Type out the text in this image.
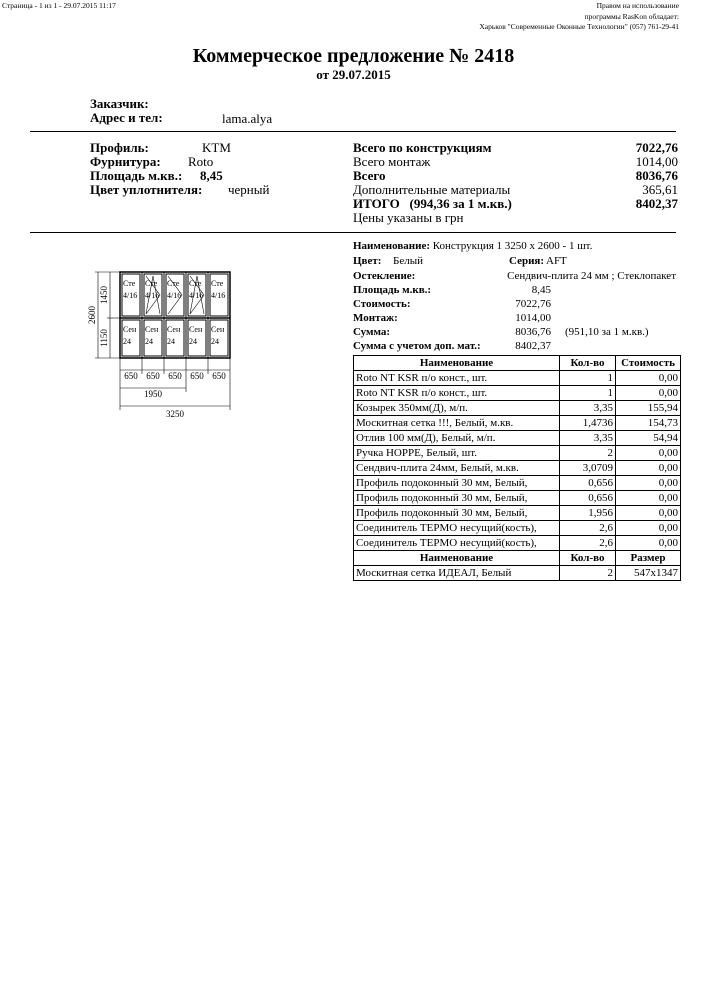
Страница - 1 из 1 - 29.07.2015 11:17	Правом на использование
программы RasKon обладает:
Харьков "Современные Оконные Технологии" (057) 761-29-41
Коммерческое предложение № 2418
от 29.07.2015
Заказчик:
Адрес и тел:	lama.alya
Профиль:	KTM
Фурнитура: Roto
Площадь м.кв.: 8,45
Цвет уплотнителя: черный
Всего по конструкциям	7022,76
Всего монтаж	1014,00
Всего	8036,76
Дополнительные материалы	365,61
ИТОГО (994,36 за 1 м.кв.)	8402,37
Цены указаны в грн
Сте
4/16
Сте
4/16
Сте
4/16
Сте
4/16
Сте
4/16
Сен
24
Сен
24
Сен
24
Сен
24
Сен
24
2600
1450
1150
650 650 650 650 650
1950
3250
Наименование: Конструкция 1 3250 x 2600 - 1 шт.
Цвет: Белый	Серия: AFT
Остекление:	Сендвич-плита 24 мм ; Стеклопакет
Площадь м.кв.:	8,45
Стоимость:	7022,76
Монтаж:	1014,00
Сумма:	8036,76 (951,10 за 1 м.кв.)
Сумма с учетом доп. мат.:	8402,37
Наименование	Кол-во	Стоимость
Roto NT KSR п/о конст., шт.	1	0,00
Roto NT KSR п/о конст., шт.	1	0,00
Козырек 350мм(Д), м/п.	3,35	155,94
Москитная сетка !!!, Белый, м.кв.	1,4736	154,73
Отлив 100 мм(Д), Белый, м/п.	3,35	54,94
Ручка HOPPE, Белый, шт.	2	0,00
Сендвич-плита 24мм, Белый, м.кв.	3,0709	0,00
Профиль подоконный 30 мм, Белый,	0,656	0,00
Профиль подоконный 30 мм, Белый,	0,656	0,00
Профиль подоконный 30 мм, Белый,	1,956	0,00
Соединитель ТЕРМО несущий(кость),	2,6	0,00
Соединитель ТЕРМО несущий(кость),	2,6	0,00
Наименование	Кол-во	Размер
Москитная сетка ИДЕАЛ, Белый	2	547x1347
